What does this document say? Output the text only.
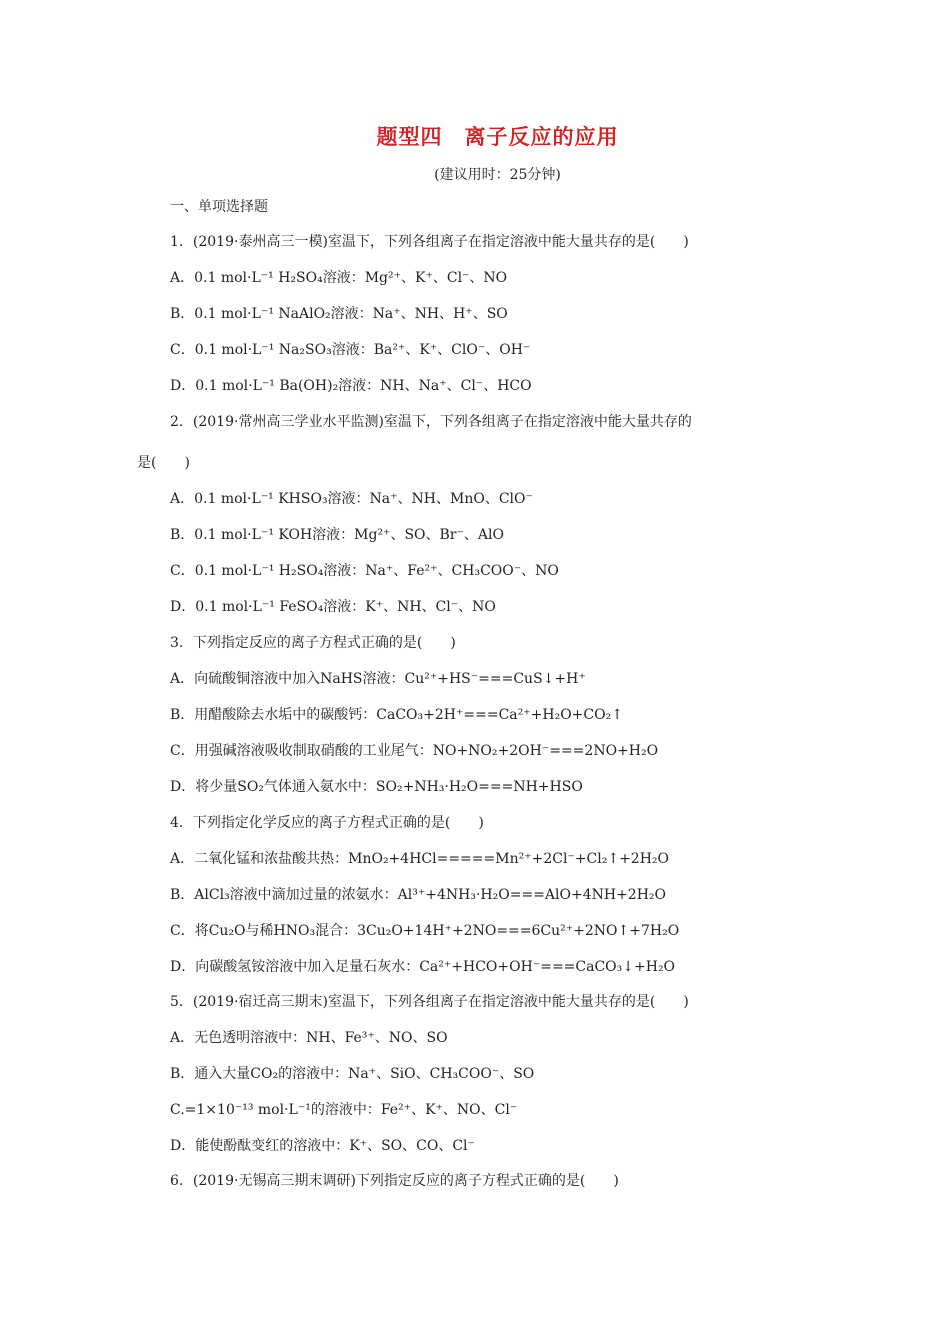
题型四　离子反应的应用
(建议用时：25分钟)
一、单项选择题
1．(2019·泰州高三一模)室温下，下列各组离子在指定溶液中能大量共存的是(　　)
A．0.1 mol·L⁻¹ H₂SO₄溶液：Mg²⁺、K⁺、Cl⁻、NO
B．0.1 mol·L⁻¹ NaAlO₂溶液：Na⁺、NH、H⁺、SO
C．0.1 mol·L⁻¹ Na₂SO₃溶液：Ba²⁺、K⁺、ClO⁻、OH⁻
D．0.1 mol·L⁻¹ Ba(OH)₂溶液：NH、Na⁺、Cl⁻、HCO
2．(2019·常州高三学业水平监测)室温下，下列各组离子在指定溶液中能大量共存的
是(　　)
A．0.1 mol·L⁻¹ KHSO₃溶液：Na⁺、NH、MnO、ClO⁻
B．0.1 mol·L⁻¹ KOH溶液：Mg²⁺、SO、Br⁻、AlO
C．0.1 mol·L⁻¹ H₂SO₄溶液：Na⁺、Fe²⁺、CH₃COO⁻、NO
D．0.1 mol·L⁻¹ FeSO₄溶液：K⁺、NH、Cl⁻、NO
3．下列指定反应的离子方程式正确的是(　　)
A．向硫酸铜溶液中加入NaHS溶液：Cu²⁺+HS⁻===CuS↓+H⁺
B．用醋酸除去水垢中的碳酸钙：CaCO₃+2H⁺===Ca²⁺+H₂O+CO₂↑
C．用强碱溶液吸收制取硝酸的工业尾气：NO+NO₂+2OH⁻===2NO+H₂O
D．将少量SO₂气体通入氨水中：SO₂+NH₃·H₂O===NH+HSO
4．下列指定化学反应的离子方程式正确的是(　　)
A．二氧化锰和浓盐酸共热：MnO₂+4HCl=====Mn²⁺+2Cl⁻+Cl₂↑+2H₂O
B．AlCl₃溶液中滴加过量的浓氨水：Al³⁺+4NH₃·H₂O===AlO+4NH+2H₂O
C．将Cu₂O与稀HNO₃混合：3Cu₂O+14H⁺+2NO===6Cu²⁺+2NO↑+7H₂O
D．向碳酸氢铵溶液中加入足量石灰水：Ca²⁺+HCO+OH⁻===CaCO₃↓+H₂O
5．(2019·宿迁高三期末)室温下，下列各组离子在指定溶液中能大量共存的是(　　)
A．无色透明溶液中：NH、Fe³⁺、NO、SO
B．通入大量CO₂的溶液中：Na⁺、SiO、CH₃COO⁻、SO
C.=1×10⁻¹³ mol·L⁻¹的溶液中：Fe²⁺、K⁺、NO、Cl⁻
D．能使酚酞变红的溶液中：K⁺、SO、CO、Cl⁻
6．(2019·无锡高三期末调研)下列指定反应的离子方程式正确的是(　　)
